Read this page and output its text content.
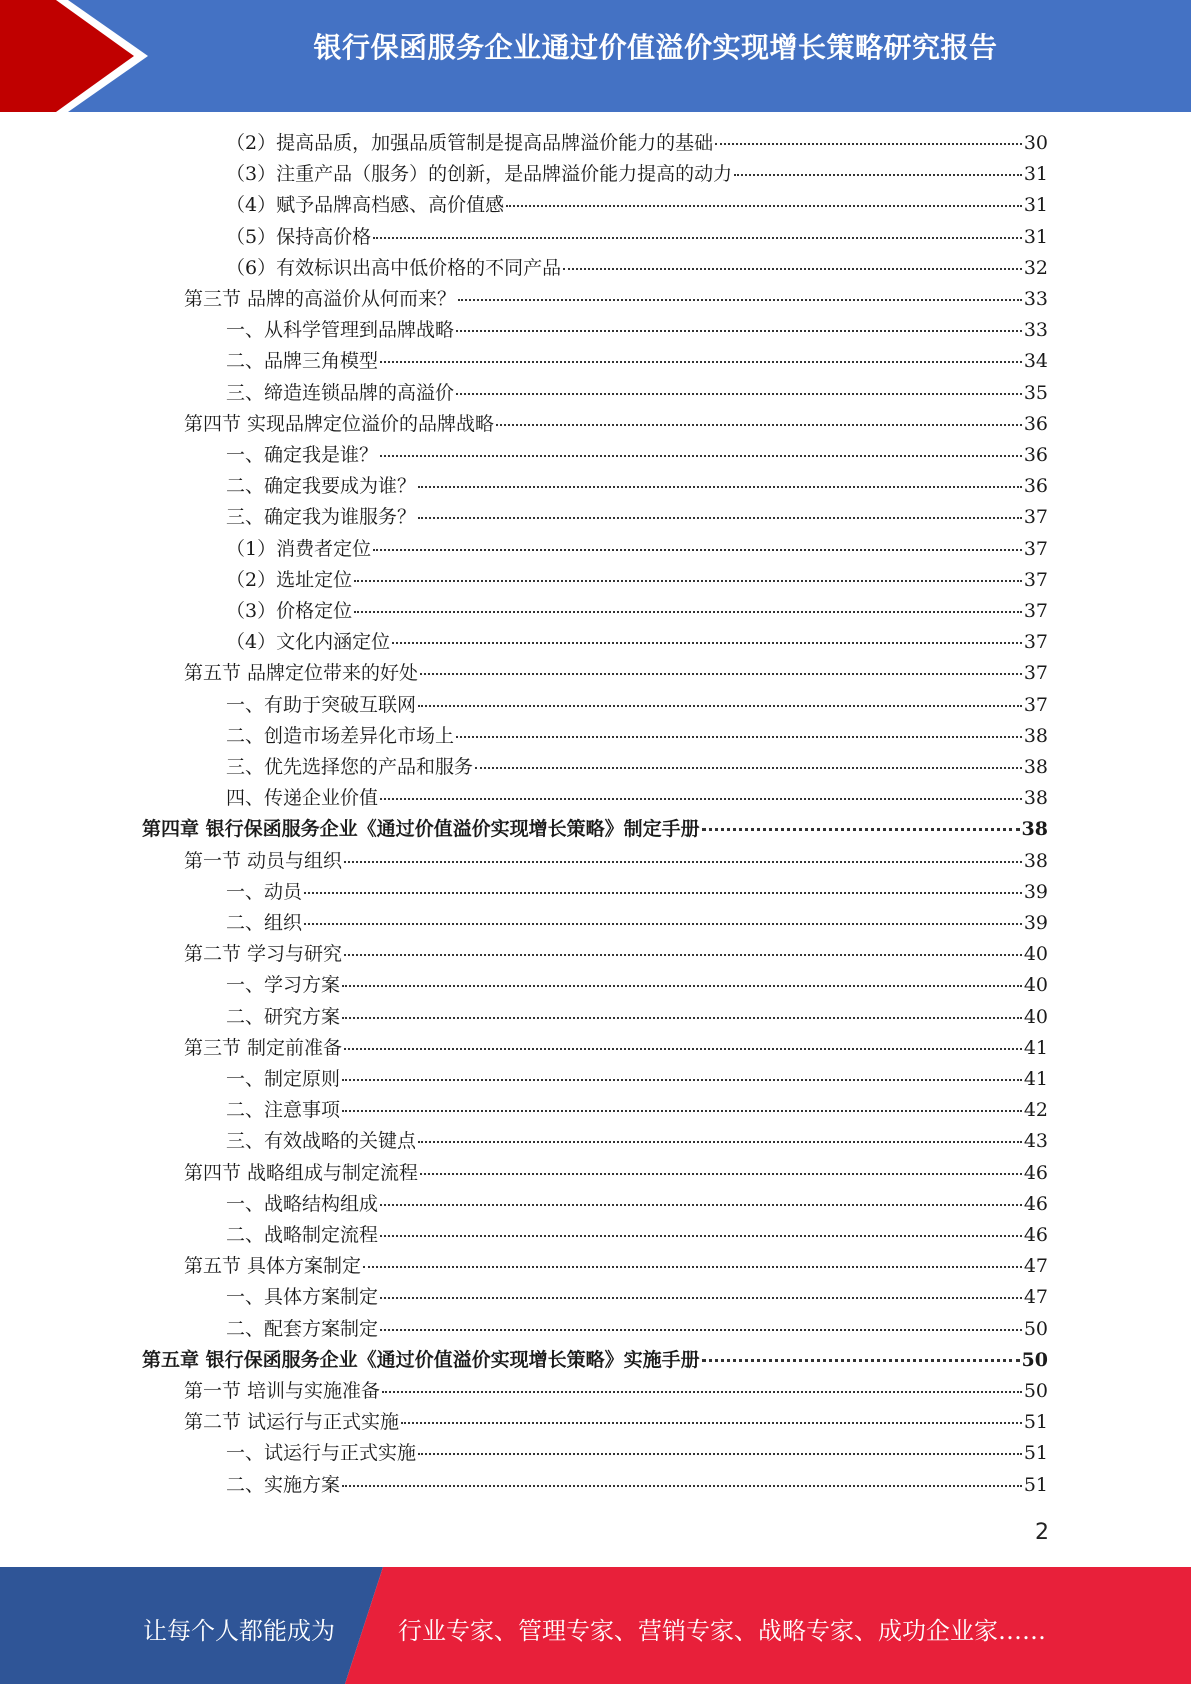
银行保函服务企业通过价值溢价实现增长策略研究报告
（2）提高品质，加强品质管制是提高品牌溢价能力的基础	30
（3）注重产品（服务）的创新，是品牌溢价能力提高的动力	31
（4）赋予品牌高档感、高价值感	31
（5）保持高价格	31
（6）有效标识出高中低价格的不同产品	32
第三节 品牌的高溢价从何而来？	33
一、从科学管理到品牌战略	33
二、品牌三角模型	34
三、缔造连锁品牌的高溢价	35
第四节 实现品牌定位溢价的品牌战略	36
一、确定我是谁？	36
二、确定我要成为谁？	36
三、确定我为谁服务？	37
（1）消费者定位	37
（2）选址定位	37
（3）价格定位	37
（4）文化内涵定位	37
第五节 品牌定位带来的好处	37
一、有助于突破互联网	37
二、创造市场差异化市场上	38
三、优先选择您的产品和服务	38
四、传递企业价值	38
第四章 银行保函服务企业《通过价值溢价实现增长策略》制定手册	38
第一节 动员与组织	38
一、动员	39
二、组织	39
第二节 学习与研究	40
一、学习方案	40
二、研究方案	40
第三节 制定前准备	41
一、制定原则	41
二、注意事项	42
三、有效战略的关键点	43
第四节 战略组成与制定流程	46
一、战略结构组成	46
二、战略制定流程	46
第五节 具体方案制定	47
一、具体方案制定	47
二、配套方案制定	50
第五章 银行保函服务企业《通过价值溢价实现增长策略》实施手册	50
第一节 培训与实施准备	50
第二节 试运行与正式实施	51
一、试运行与正式实施	51
二、实施方案	51
2
让每个人都能成为	行业专家、管理专家、营销专家、战略专家、成功企业家……
